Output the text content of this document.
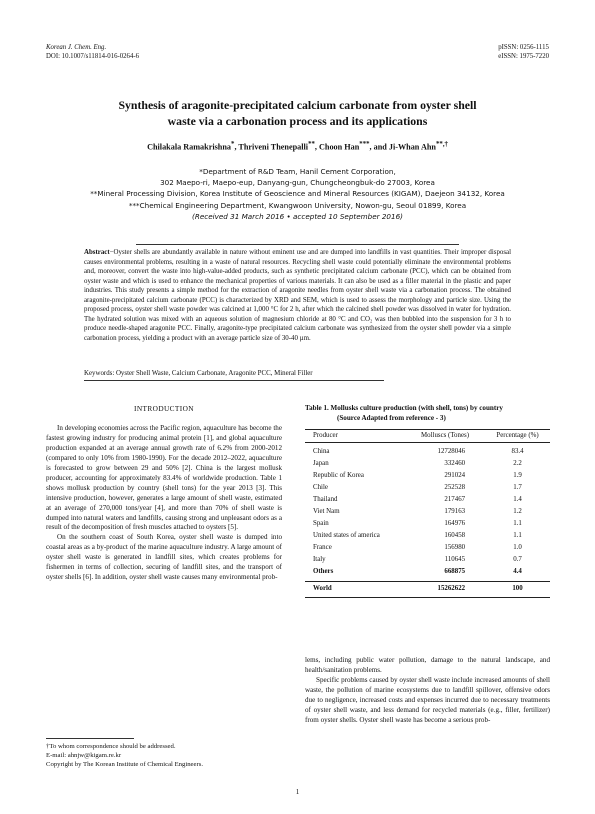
Korean J. Chem. Eng.
DOI: 10.1007/s11814-016-0264-6
pISSN: 0256-1115
eISSN: 1975-7220
Synthesis of aragonite-precipitated calcium carbonate from oyster shell
waste via a carbonation process and its applications
Chilakala Ramakrishna*, Thriveni Thenepalli**, Choon Han***, and Ji-Whan Ahn**,†
*Department of R&D Team, Hanil Cement Corporation,
302 Maepo-ri, Maepo-eup, Danyang-gun, Chungcheongbuk-do 27003, Korea
**Mineral Processing Division, Korea Institute of Geoscience and Mineral Resources (KIGAM), Daejeon 34132, Korea
***Chemical Engineering Department, Kwangwoon University, Nowon-gu, Seoul 01899, Korea
(Received 31 March 2016 • accepted 10 September 2016)
Abstract−Oyster shells are abundantly available in nature without eminent use and are dumped into landfills in vast quantities. Their improper disposal causes environmental problems, resulting in a waste of natural resources. Recycling shell waste could potentially eliminate the environmental problems and, moreover, convert the waste into high-value-added products, such as synthetic precipitated calcium carbonate (PCC), which can be obtained from oyster waste and which is used to enhance the mechanical properties of various materials. It can also be used as a filler material in the plastic and paper industries. This study presents a simple method for the extraction of aragonite needles from oyster shell waste via a carbonation process. The obtained aragonite-precipitated calcium carbonate (PCC) is characterized by XRD and SEM, which is used to assess the morphology and particle size. Using the proposed process, oyster shell waste powder was calcined at 1,000 °C for 2 h, after which the calcined shell powder was dissolved in water for hydration. The hydrated solution was mixed with an aqueous solution of magnesium chloride at 80 °C and CO₂ was then bubbled into the suspension for 3 h to produce needle-shaped aragonite PCC. Finally, aragonite-type precipitated calcium carbonate was synthesized from the oyster shell powder via a simple carbonation process, yielding a product with an average particle size of 30-40 µm.
Keywords: Oyster Shell Waste, Calcium Carbonate, Aragonite PCC, Mineral Filler
INTRODUCTION

In developing economies across the Pacific region, aquaculture has become the fastest growing industry for producing animal protein [1], and global aquaculture production expanded at an average annual growth rate of 6.2% from 2000-2012 (compared to only 10% from 1980-1990). For the decade 2012–2022, aquaculture is forecasted to grow between 29 and 50% [2]. China is the largest mollusk producer, accounting for approximately 83.4% of worldwide production. Table 1 shows mollusk production by country (shell tons) for the year 2013 [3]. This intensive production, however, generates a large amount of shell waste, estimated at an average of 270,000 tons/year [4], and more than 70% of shell waste is dumped into natural waters and landfills, causing strong and unpleasant odors as a result of the decomposition of fresh muscles attached to oysters [5].

On the southern coast of South Korea, oyster shell waste is dumped into coastal areas as a by-product of the marine aquaculture industry. A large amount of oyster shell waste is generated in landfill sites, which creates problems for fishermen in terms of collection, securing of landfill sites, and the transport of oyster shells [6]. In addition, oyster shell waste causes many environmental prob-

Table 1. Mollusks culture production (with shell, tons) by country
(Source Adapted from reference - 3)
Producer	Molluscs (Tones)	Percentage (%)
China	12728046	83.4
Japan	332460	2.2
Republic of Korea	291024	1.9
Chile	252528	1.7
Thailand	217467	1.4
Viet Nam	179163	1.2
Spain	164976	1.1
United states of america	160458	1.1
France	156980	1.0
Italy	110645	0.7
Others	668875	4.4
World	15262622	100

lems, including public water pollution, damage to the natural landscape, and health/sanitation problems.

Specific problems caused by oyster shell waste include increased amounts of shell waste, the pollution of marine ecosystems due to landfill spillover, offensive odors due to negligence, increased costs and expenses incurred due to necessary treatments of oyster shell waste, and less demand for recycled materials (e.g., filler, fertilizer) from oyster shells. Oyster shell waste has become a serious prob-

†To whom correspondence should be addressed.
E-mail: ahnjw@kigam.re.kr
Copyright by The Korean Institute of Chemical Engineers.
1
